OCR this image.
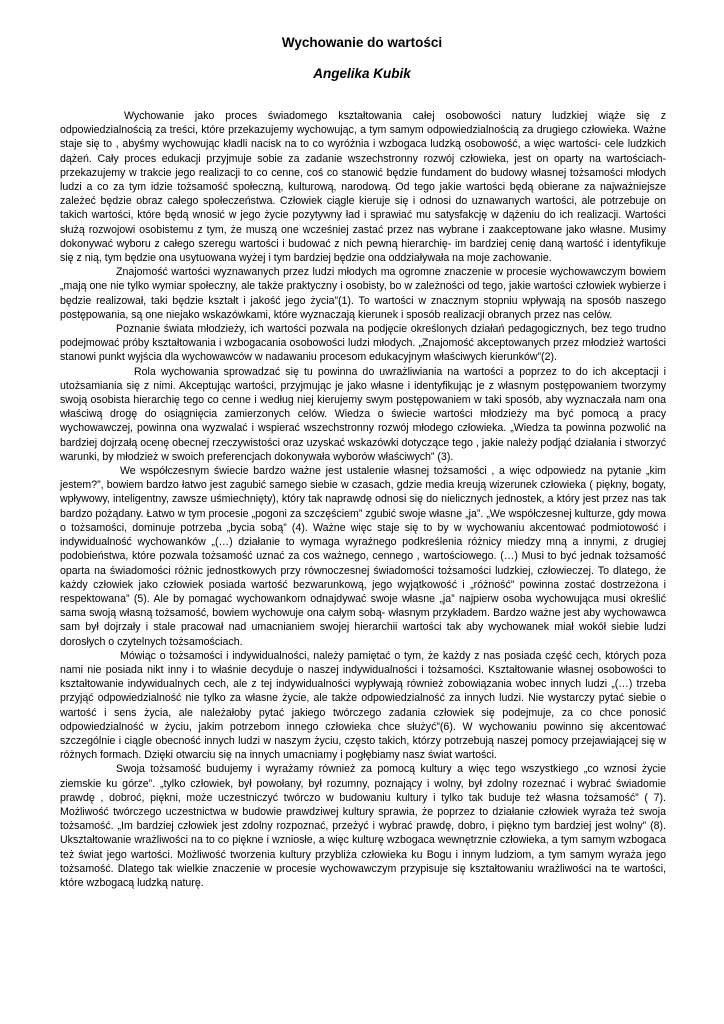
Wychowanie do wartości
Angelika Kubik

Wychowanie jako proces świadomego kształtowania całej osobowości natury ludzkiej wiąże się z odpowiedzialnością za treści, które przekazujemy wychowując, a tym samym odpowiedzialnością za drugiego człowieka. Ważne staje się to , abyśmy wychowując kładli nacisk na to co wyróżnia i wzbogaca ludzką osobowość, a więc wartości- cele ludzkich dążeń. Cały proces edukacji przyjmuje sobie za zadanie wszechstronny rozwój człowieka, jest on oparty na wartościach- przekazujemy w trakcie jego realizacji to co cenne, coś co stanowić będzie fundament do budowy własnej tożsamości młodych ludzi a co za tym idzie tożsamość społeczną, kulturową, narodową. Od tego jakie wartości będą obierane za najważniejsze zależeć będzie obraz całego społeczeństwa. Człowiek ciągle kieruje się i odnosi do uznawanych wartości, ale potrzebuje on takich wartości, które będą wnosić w jego życie pozytywny ład i sprawiać mu satysfakcję w dążeniu do ich realizacji. Wartości służą rozwojowi osobistemu z tym, że muszą one wcześniej zastać przez nas wybrane i zaakceptowane jako własne. Musimy dokonywać wyboru z całego szeregu wartości i budować z nich pewną hierarchię- im bardziej cenię daną wartość i identyfikuje się z nią, tym będzie ona usytuowana wyżej i tym bardziej będzie ona oddziaływała na moje zachowanie.

Znajomość wartości wyznawanych przez ludzi młodych ma ogromne znaczenie w procesie wychowawczym bowiem „mają one nie tylko wymiar społeczny, ale także praktyczny i osobisty, bo w zależności od tego, jakie wartości człowiek wybierze i będzie realizował, taki będzie kształt i jakość jego życia”(1). To wartości w znacznym stopniu wpływają na sposób naszego postępowania, są one niejako wskazówkami, które wyznaczają kierunek i sposób realizacji obranych przez nas celów.

Poznanie świata młodzieży, ich wartości pozwala na podjęcie określonych działań pedagogicznych, bez tego trudno podejmować próby kształtowania i wzbogacania osobowości ludzi młodych. „Znajomość akceptowanych przez młodzież wartości stanowi punkt wyjścia dla wychowawców w nadawaniu procesom edukacyjnym właściwych kierunków”(2).

Rola wychowania sprowadzać się tu powinna do uwrażliwiania na wartości a poprzez to do ich akceptacji i utożsamiania się z nimi. Akceptując wartości, przyjmując je jako własne i identyfikując je z własnym postępowaniem tworzymy swoją osobista hierarchię tego co cenne i według niej kierujemy swym postępowaniem w taki sposób, aby wyznaczała nam ona właściwą drogę do osiągnięcia zamierzonych celów. Wiedza o świecie wartości młodzieży ma być pomocą a pracy wychowawczej, powinna ona wyzwalać i wspierać wszechstronny rozwój młodego człowieka. „Wiedza ta powinna pozwolić na bardziej dojrzałą ocenę obecnej rzeczywistości oraz uzyskać wskazówki dotyczące tego , jakie należy podjąć działania i stworzyć warunki, by młodzież w swoich preferencjach dokonywała wyborów właściwych” (3).

We współczesnym świecie bardzo ważne jest ustalenie własnej tożsamości , a więc odpowiedz na pytanie „kim jestem?”, bowiem bardzo łatwo jest zagubić samego siebie w czasach, gdzie media kreują wizerunek człowieka ( piękny, bogaty, wpływowy, inteligentny, zawsze uśmiechnięty), który tak naprawdę odnosi się do nielicznych jednostek, a który jest przez nas tak bardzo pożądany. Łatwo w tym procesie „pogoni za szczęściem” zgubić swoje własne „ja”. „We współczesnej kulturze, gdy mowa o tożsamości, dominuje potrzeba „bycia sobą” (4). Ważne więc staje się to by w wychowaniu akcentować podmiotowość i indywidualność wychowanków „(…) działanie to wymaga wyraźnego podkreślenia różnicy miedzy mną a innymi, z drugiej podobieństwa, które pozwala tożsamość uznać za cos ważnego, cennego , wartościowego. (…) Musi to być jednak tożsamość oparta na świadomości różnic jednostkowych przy równoczesnej świadomości tożsamości ludzkiej, człowieczej. To dlatego, że każdy człowiek jako człowiek posiada wartość bezwarunkową, jego wyjątkowość i „różność” powinna zostać dostrzeżona i respektowana” (5). Ale by pomagać wychowankom odnajdywać swoje własne „ja” najpierw osoba wychowująca musi określić sama swoją własną tożsamość, bowiem wychowuje ona całym sobą- własnym przykładem. Bardzo ważne jest aby wychowawca sam był dojrzały i stale pracował nad umacnianiem swojej hierarchii wartości tak aby wychowanek miał wokół siebie ludzi dorosłych o czytelnych tożsamościach.

Mówiąc o tożsamości i indywidualności, należy pamiętać o tym, że każdy z nas posiada część cech, których poza nami nie posiada nikt inny i to właśnie decyduje o naszej indywidualności i tożsamości. Kształtowanie własnej osobowości to kształtowanie indywidualnych cech, ale z tej indywidualności wypływają również zobowiązania wobec innych ludzi „(…) trzeba przyjąć odpowiedzialność nie tylko za własne życie, ale także odpowiedzialność za innych ludzi. Nie wystarczy pytać siebie o wartość i sens życia, ale należałoby pytać jakiego twórczego zadania człowiek się podejmuje, za co chce ponosić odpowiedzialność w życiu, jakim potrzebom innego człowieka chce służyć”(6). W wychowaniu powinno się akcentować szczególnie i ciągle obecność innych ludzi w naszym życiu, często takich, którzy potrzebują naszej pomocy przejawiającej się w różnych formach. Dzięki otwarciu się na innych umacniamy i pogłębiamy nasz świat wartości.

Swoja tożsamość budujemy i wyrażamy również za pomocą kultury a więc tego wszystkiego „co wznosi życie ziemskie ku górze”. „tylko człowiek, był powołany, był rozumny, poznający i wolny, był zdolny rozeznać i wybrać świadomie prawdę , dobroć, piękni, może uczestniczyć twórczo w budowaniu kultury i tylko tak buduje też własna tożsamość” ( 7). Możliwość twórczego uczestnictwa w budowie prawdziwej kultury sprawia, że poprzez to działanie człowiek wyraża też swoja tożsamość. „Im bardziej człowiek jest zdolny rozpoznać, przeżyć i wybrać prawdę, dobro, i piękno tym bardziej jest wolny” (8). Ukształtowanie wrażliwości na to co piękne i wzniosłe, a więc kulturę wzbogaca wewnętrznie człowieka, a tym samym wzbogaca też świat jego wartości. Możliwość tworzenia kultury przybliża człowieka ku Bogu i innym ludziom, a tym samym wyraża jego tożsamość. Dlatego tak wielkie znaczenie w procesie wychowawczym przypisuje się kształtowaniu wrażliwości na te wartości, które wzbogacą ludzką naturę.
